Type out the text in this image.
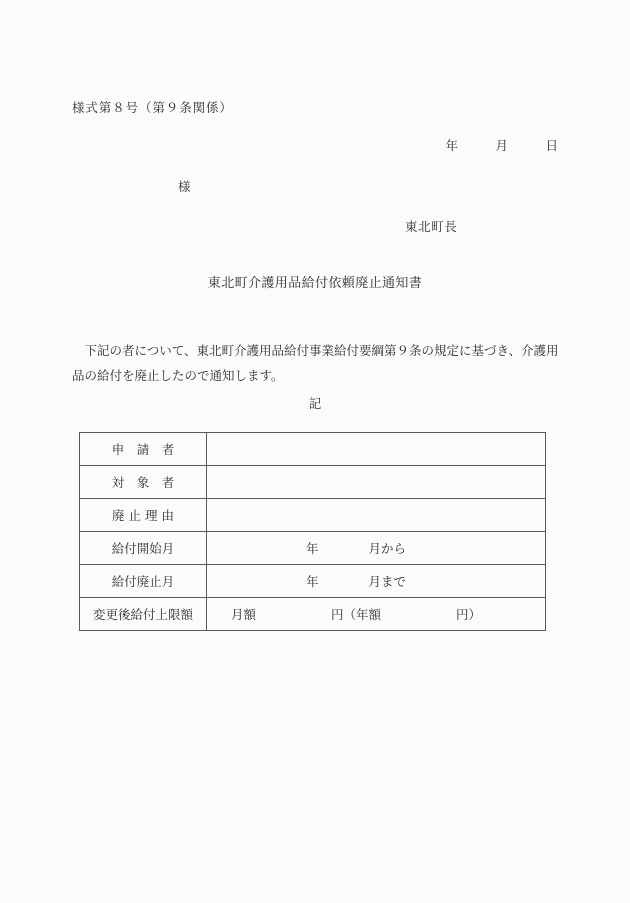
様式第８号（第９条関係）
年　　　月　　　日
様
東北町長
東北町介護用品給付依頼廃止通知書
　下記の者について、東北町介護用品給付事業給付要綱第９条の規定に基づき、介護用
品の給付を廃止したので通知します。
記
申　請　者	
対　象　者	
廃 止 理 由	
給付開始月	年　　　　月から
給付廃止月	年　　　　月まで
変更後給付上限額	月額　　　　　　円（年額　　　　　　円）
